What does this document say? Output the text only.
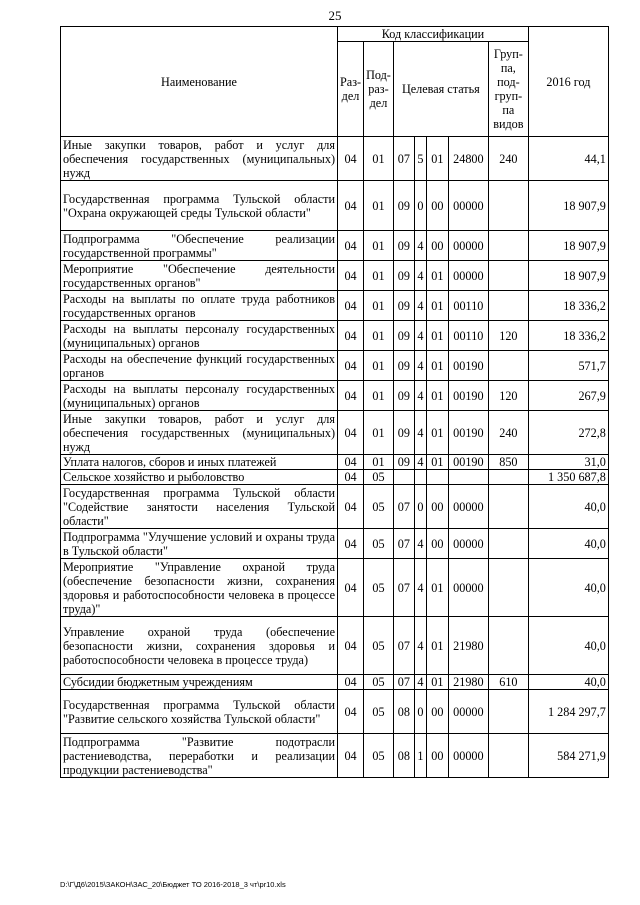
25
Наименование	Код классификации							2016 год
	Раз-дел	Под-раз-дел	Целевая статья				Груп-па, под-груп-па видов	
Иные закупки товаров, работ и услуг для обеспечения государственных (муниципальных) нужд	04	01	07	5	01	24800	240	44,1
Государственная программа Тульской области "Охрана окружающей среды Тульской области"	04	01	09	0	00	00000		18 907,9
Подпрограмма "Обеспечение реализации государственной программы"	04	01	09	4	00	00000		18 907,9
Мероприятие "Обеспечение деятельности государственных органов"	04	01	09	4	01	00000		18 907,9
Расходы на выплаты по оплате труда работников государственных органов	04	01	09	4	01	00110		18 336,2
Расходы на выплаты персоналу государственных (муниципальных) органов	04	01	09	4	01	00110	120	18 336,2
Расходы на обеспечение функций государственных органов	04	01	09	4	01	00190		571,7
Расходы на выплаты персоналу государственных (муниципальных) органов	04	01	09	4	01	00190	120	267,9
Иные закупки товаров, работ и услуг для обеспечения государственных (муниципальных) нужд	04	01	09	4	01	00190	240	272,8
Уплата налогов, сборов и иных платежей	04	01	09	4	01	00190	850	31,0
Сельское хозяйство и рыболовство	04	05						1 350 687,8
Государственная программа Тульской области "Содействие занятости населения Тульской области"	04	05	07	0	00	00000		40,0
Подпрограмма "Улучшение условий и охраны труда в Тульской области"	04	05	07	4	00	00000		40,0
Мероприятие "Управление охраной труда (обеспечение безопасности жизни, сохранения здоровья и работоспособности человека в процессе труда)"	04	05	07	4	01	00000		40,0
Управление охраной труда (обеспечение безопасности жизни, сохранения здоровья и работоспособности человека в процессе труда)	04	05	07	4	01	21980		40,0
Субсидии бюджетным учреждениям	04	05	07	4	01	21980	610	40,0
Государственная программа Тульской области "Развитие сельского хозяйства Тульской области"	04	05	08	0	00	00000		1 284 297,7
Подпрограмма "Развитие подотрасли растениеводства, переработки и реализации продукции растениеводства"	04	05	08	1	00	00000		584 271,9
D:\Г\Д6\2015\ЗАКОН\ЗАС_20\Бюджет ТО 2016-2018_3 чт\pr10.xls
